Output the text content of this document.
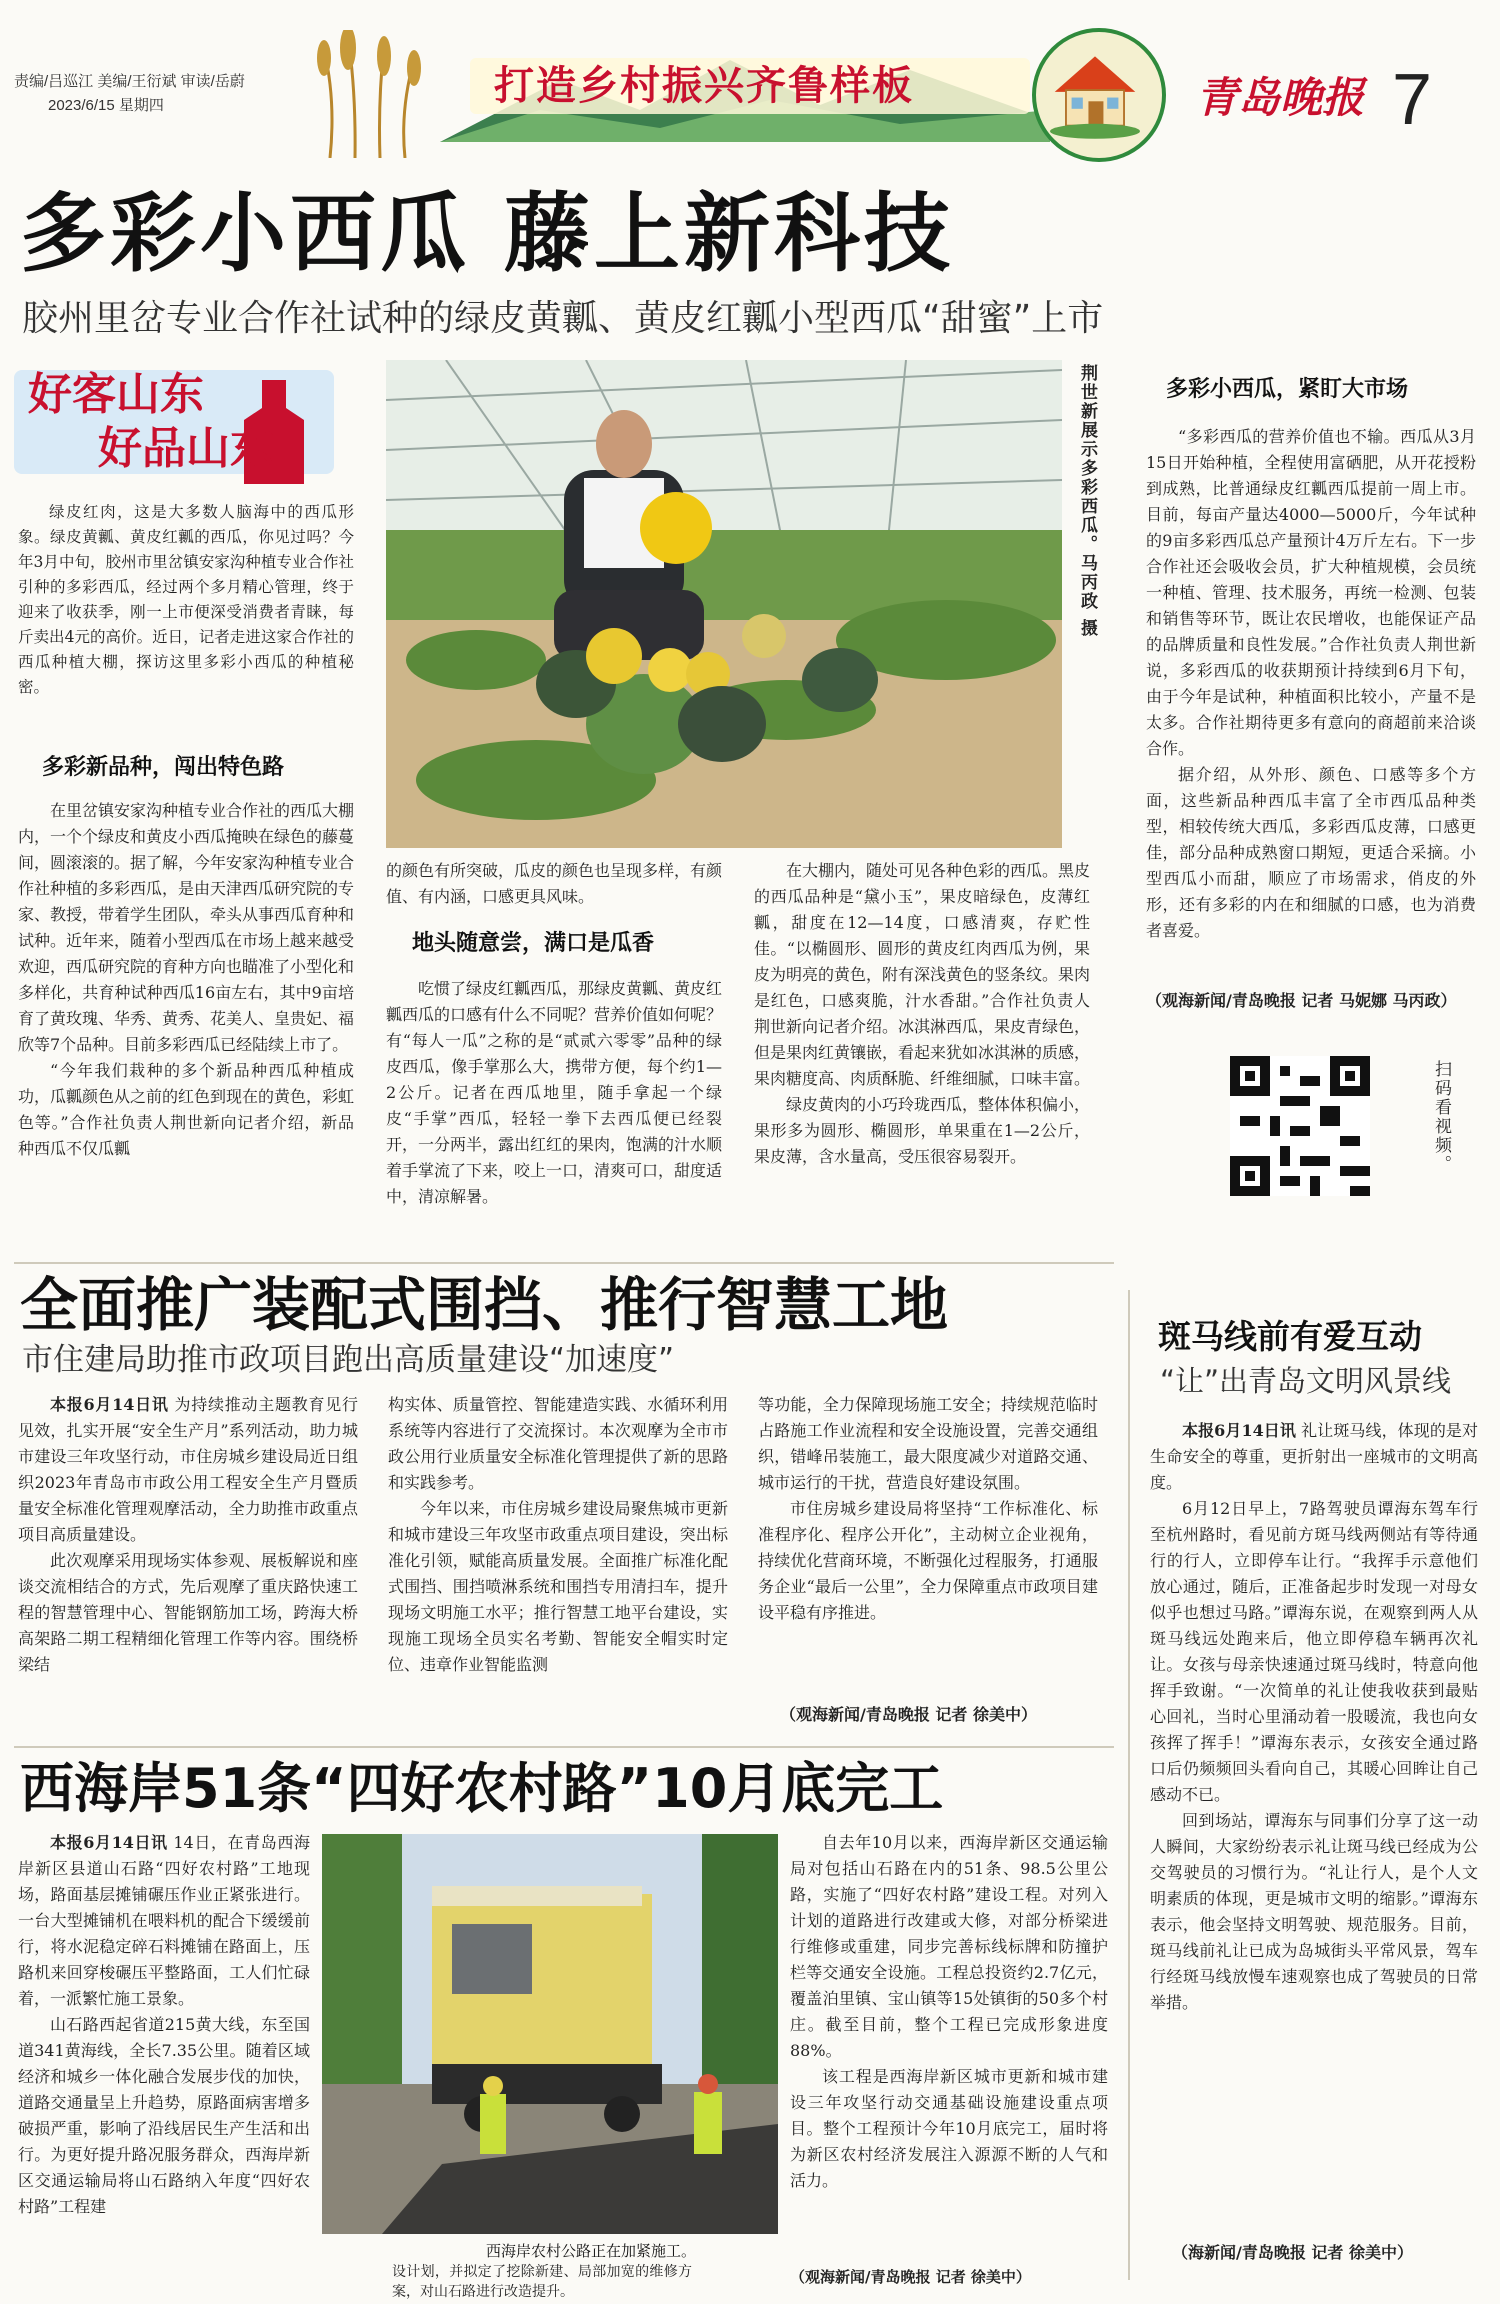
责编/吕巡江 美编/王衍斌 审读/岳蔚
2023/6/15 星期四	打造乡村振兴齐鲁样板	青岛晚报 7
多彩小西瓜 藤上新科技
胶州里岔专业合作社试种的绿皮黄瓤、黄皮红瓤小型西瓜“甜蜜”上市
好客山东
好品山东

绿皮红肉，这是大多数人脑海中的西瓜形象。绿皮黄瓤、黄皮红瓤的西瓜，你见过吗？今年3月中旬，胶州市里岔镇安家沟种植专业合作社引种的多彩西瓜，经过两个多月精心管理，终于迎来了收获季，刚一上市便深受消费者青睐，每斤卖出4元的高价。近日，记者走进这家合作社的西瓜种植大棚，探访这里多彩小西瓜的种植秘密。

多彩新品种，闯出特色路

在里岔镇安家沟种植专业合作社的西瓜大棚内，一个个绿皮和黄皮小西瓜掩映在绿色的藤蔓间，圆滚滚的。据了解，今年安家沟种植专业合作社种植的多彩西瓜，是由天津西瓜研究院的专家、教授，带着学生团队，牵头从事西瓜育种和试种。近年来，随着小型西瓜在市场上越来越受欢迎，西瓜研究院的育种方向也瞄准了小型化和多样化，共育种试种西瓜16亩左右，其中9亩培育了黄玫瑰、华秀、黄秀、花美人、皇贵妃、福欣等7个品种。目前多彩西瓜已经陆续上市了。

“今年我们栽种的多个新品种西瓜种植成功，瓜瓤颜色从之前的红色到现在的黄色，彩虹色等。”合作社负责人荆世新向记者介绍，新品种西瓜不仅瓜瓤

荆世新展示多彩西瓜。马丙政 摄

的颜色有所突破，瓜皮的颜色也呈现多样，有颜值、有内涵，口感更具风味。

地头随意尝，满口是瓜香

吃惯了绿皮红瓤西瓜，那绿皮黄瓤、黄皮红瓤西瓜的口感有什么不同呢？营养价值如何呢？有“每人一瓜”之称的是“贰贰六零零”品种的绿皮西瓜，像手掌那么大，携带方便，每个约1—2公斤。记者在西瓜地里，随手拿起一个绿皮“手掌”西瓜，轻轻一拳下去西瓜便已经裂开，一分两半，露出红红的果肉，饱满的汁水顺着手掌流了下来，咬上一口，清爽可口，甜度适中，清凉解暑。

在大棚内，随处可见各种色彩的西瓜。黑皮的西瓜品种是“黛小玉”，果皮暗绿色，皮薄红瓤，甜度在12—14度，口感清爽，存贮性佳。“以椭圆形、圆形的黄皮红肉西瓜为例，果皮为明亮的黄色，附有深浅黄色的竖条纹。果肉是红色，口感爽脆，汁水香甜。”合作社负责人荆世新向记者介绍。冰淇淋西瓜，果皮青绿色，但是果肉红黄镶嵌，看起来犹如冰淇淋的质感，果肉糖度高、肉质酥脆、纤维细腻，口味丰富。

绿皮黄肉的小巧玲珑西瓜，整体体积偏小，果形多为圆形、椭圆形，单果重在1—2公斤，果皮薄，含水量高，受压很容易裂开。

多彩小西瓜，紧盯大市场

“多彩西瓜的营养价值也不输。西瓜从3月15日开始种植，全程使用富硒肥，从开花授粉到成熟，比普通绿皮红瓤西瓜提前一周上市。目前，每亩产量达4000—5000斤，今年试种的9亩多彩西瓜总产量预计4万斤左右。下一步合作社还会吸收会员，扩大种植规模，会员统一种植、管理、技术服务，再统一检测、包装和销售等环节，既让农民增收，也能保证产品的品牌质量和良性发展。”合作社负责人荆世新说，多彩西瓜的收获期预计持续到6月下旬，由于今年是试种，种植面积比较小，产量不是太多。合作社期待更多有意向的商超前来洽谈合作。

据介绍，从外形、颜色、口感等多个方面，这些新品种西瓜丰富了全市西瓜品种类型，相较传统大西瓜，多彩西瓜皮薄，口感更佳，部分品种成熟窗口期短，更适合采摘。小型西瓜小而甜，顺应了市场需求，俏皮的外形，还有多彩的内在和细腻的口感，也为消费者喜爱。

（观海新闻/青岛晚报 记者 马妮娜 马丙政）
扫码看视频。
全面推广装配式围挡、推行智慧工地
市住建局助推市政项目跑出高质量建设“加速度”

本报6月14日讯 为持续推动主题教育见行见效，扎实开展“安全生产月”系列活动，助力城市建设三年攻坚行动，市住房城乡建设局近日组织2023年青岛市市政公用工程安全生产月暨质量安全标准化管理观摩活动，全力助推市政重点项目高质量建设。

此次观摩采用现场实体参观、展板解说和座谈交流相结合的方式，先后观摩了重庆路快速工程的智慧管理中心、智能钢筋加工场，跨海大桥高架路二期工程精细化管理工作等内容。围绕桥梁结

构实体、质量管控、智能建造实践、水循环利用系统等内容进行了交流探讨。本次观摩为全市市政公用行业质量安全标准化管理提供了新的思路和实践参考。

今年以来，市住房城乡建设局聚焦城市更新和城市建设三年攻坚市政重点项目建设，突出标准化引领，赋能高质量发展。全面推广标准化配式围挡、围挡喷淋系统和围挡专用清扫车，提升现场文明施工水平；推行智慧工地平台建设，实现施工现场全员实名考勤、智能安全帽实时定位、违章作业智能监测

等功能，全力保障现场施工安全；持续规范临时占路施工作业流程和安全设施设置，完善交通组织，错峰吊装施工，最大限度减少对道路交通、城市运行的干扰，营造良好建设氛围。

市住房城乡建设局将坚持“工作标准化、标准程序化、程序公开化”，主动树立企业视角，持续优化营商环境，不断强化过程服务，打通服务企业“最后一公里”，全力保障重点市政项目建设平稳有序推进。

（观海新闻/青岛晚报 记者 徐美中）
斑马线前有爱互动
“让”出青岛文明风景线

本报6月14日讯 礼让斑马线，体现的是对生命安全的尊重，更折射出一座城市的文明高度。

6月12日早上，7路驾驶员谭海东驾车行至杭州路时，看见前方斑马线两侧站有等待通行的行人，立即停车让行。“我挥手示意他们放心通过，随后，正准备起步时发现一对母女似乎也想过马路。”谭海东说，在观察到两人从斑马线远处跑来后，他立即停稳车辆再次礼让。女孩与母亲快速通过斑马线时，特意向他挥手致谢。“一次简单的礼让使我收获到最贴心回礼，当时心里涌动着一股暖流，我也向女孩挥了挥手！”谭海东表示，女孩安全通过路口后仍频频回头看向自己，其暖心回眸让自己感动不已。

回到场站，谭海东与同事们分享了这一动人瞬间，大家纷纷表示礼让斑马线已经成为公交驾驶员的习惯行为。“礼让行人，是个人文明素质的体现，更是城市文明的缩影。”谭海东表示，他会坚持文明驾驶、规范服务。目前，斑马线前礼让已成为岛城街头平常风景，驾车行经斑马线放慢车速观察也成了驾驶员的日常举措。

（海新闻/青岛晚报 记者 徐美中）
西海岸51条“四好农村路”10月底完工

本报6月14日讯 14日，在青岛西海岸新区县道山石路“四好农村路”工地现场，路面基层摊铺碾压作业正紧张进行。一台大型摊铺机在喂料机的配合下缓缓前行，将水泥稳定碎石料摊铺在路面上，压路机来回穿梭碾压平整路面，工人们忙碌着，一派繁忙施工景象。

山石路西起省道215黄大线，东至国道341黄海线，全长7.35公里。随着区域经济和城乡一体化融合发展步伐的加快，道路交通量呈上升趋势，原路面病害增多破损严重，影响了沿线居民生产生活和出行。为更好提升路况服务群众，西海岸新区交通运输局将山石路纳入年度“四好农村路”工程建

西海岸农村公路正在加紧施工。

自去年10月以来，西海岸新区交通运输局对包括山石路在内的51条、98.5公里公路，实施了“四好农村路”建设工程。对列入计划的道路进行改建或大修，对部分桥梁进行维修或重建，同步完善标线标牌和防撞护栏等交通安全设施。工程总投资约2.7亿元，覆盖泊里镇、宝山镇等15处镇街的50多个村庄。截至目前，整个工程已完成形象进度88%。

该工程是西海岸新区城市更新和城市建设三年攻坚行动交通基础设施建设重点项目。整个工程预计今年10月底完工，届时将为新区农村经济发展注入源源不断的人气和活力。

设计划，并拟定了挖除新建、局部加宽的维修方案，对山石路进行改造提升。

（观海新闻/青岛晚报 记者 徐美中）
